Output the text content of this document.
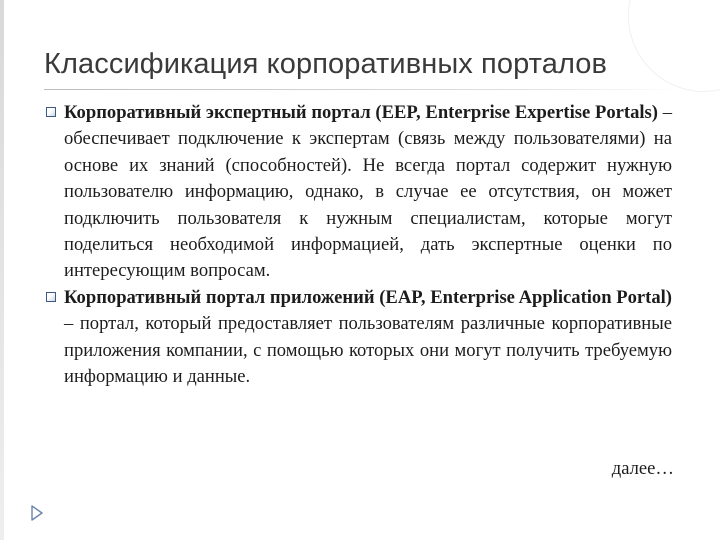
Классификация корпоративных порталов

Корпоративный экспертный портал (EEP, Enterprise Expertise Portals) – обеспечивает подключение к экспертам (связь между пользователями) на основе их знаний (способностей). Не всегда портал содержит нужную пользователю информацию, однако, в случае ее отсутствия, он может подключить пользователя к нужным специалистам, которые могут поделиться необходимой информацией, дать экспертные оценки по интересующим вопросам.

Корпоративный портал приложений (EAP, Enterprise Application Portal) – портал, который предоставляет пользователям различные корпоративные приложения компании, с помощью которых они могут получить требуемую информацию и данные.

далее…
